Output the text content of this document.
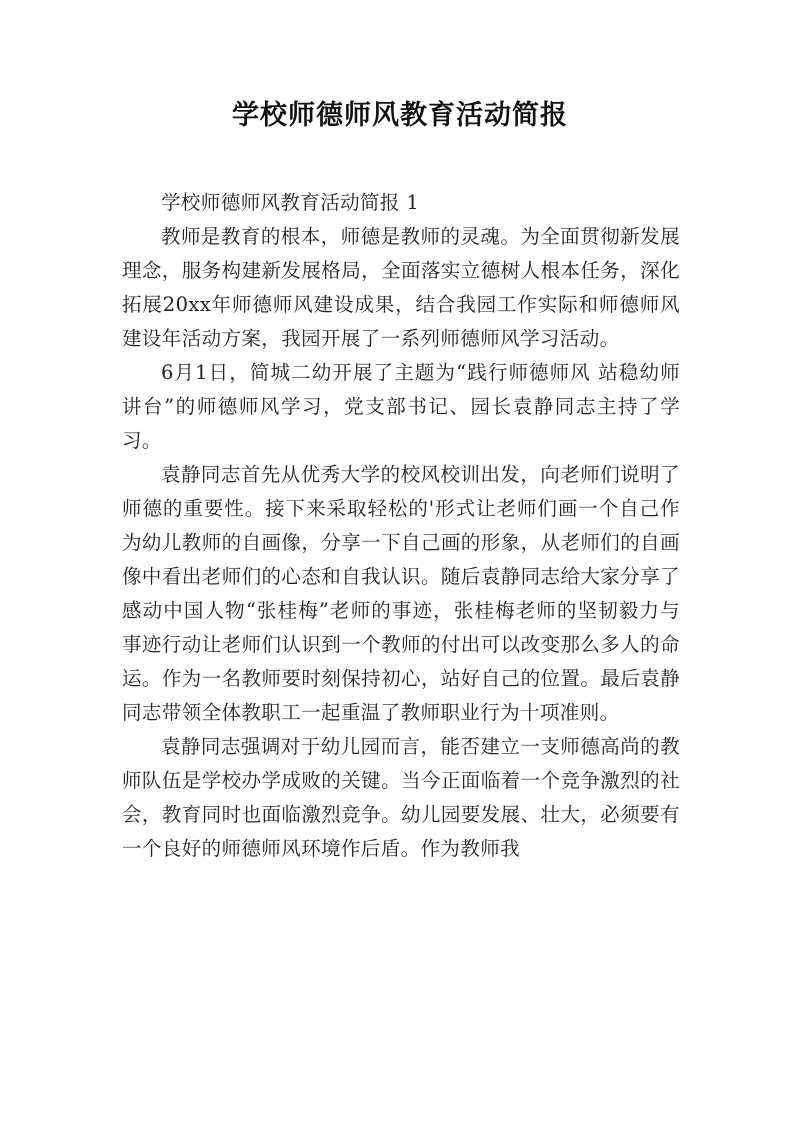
学校师德师风教育活动简报

学校师德师风教育活动简报 1

教师是教育的根本，师德是教师的灵魂。为全面贯彻新发展理念，服务构建新发展格局，全面落实立德树人根本任务，深化拓展20xx年师德师风建设成果，结合我园工作实际和师德师风建设年活动方案，我园开展了一系列师德师风学习活动。

6月1日，简城二幼开展了主题为“践行师德师风 站稳幼师讲台”的师德师风学习，党支部书记、园长袁静同志主持了学习。

袁静同志首先从优秀大学的校风校训出发，向老师们说明了师德的重要性。接下来采取轻松的'形式让老师们画一个自己作为幼儿教师的自画像，分享一下自己画的形象，从老师们的自画像中看出老师们的心态和自我认识。随后袁静同志给大家分享了感动中国人物“张桂梅”老师的事迹，张桂梅老师的坚韧毅力与事迹行动让老师们认识到一个教师的付出可以改变那么多人的命运。作为一名教师要时刻保持初心，站好自己的位置。最后袁静同志带领全体教职工一起重温了教师职业行为十项准则。

袁静同志强调对于幼儿园而言，能否建立一支师德高尚的教师队伍是学校办学成败的关键。当今正面临着一个竞争激烈的社会，教育同时也面临激烈竞争。幼儿园要发展、壮大，必须要有一个良好的师德师风环境作后盾。作为教师我
